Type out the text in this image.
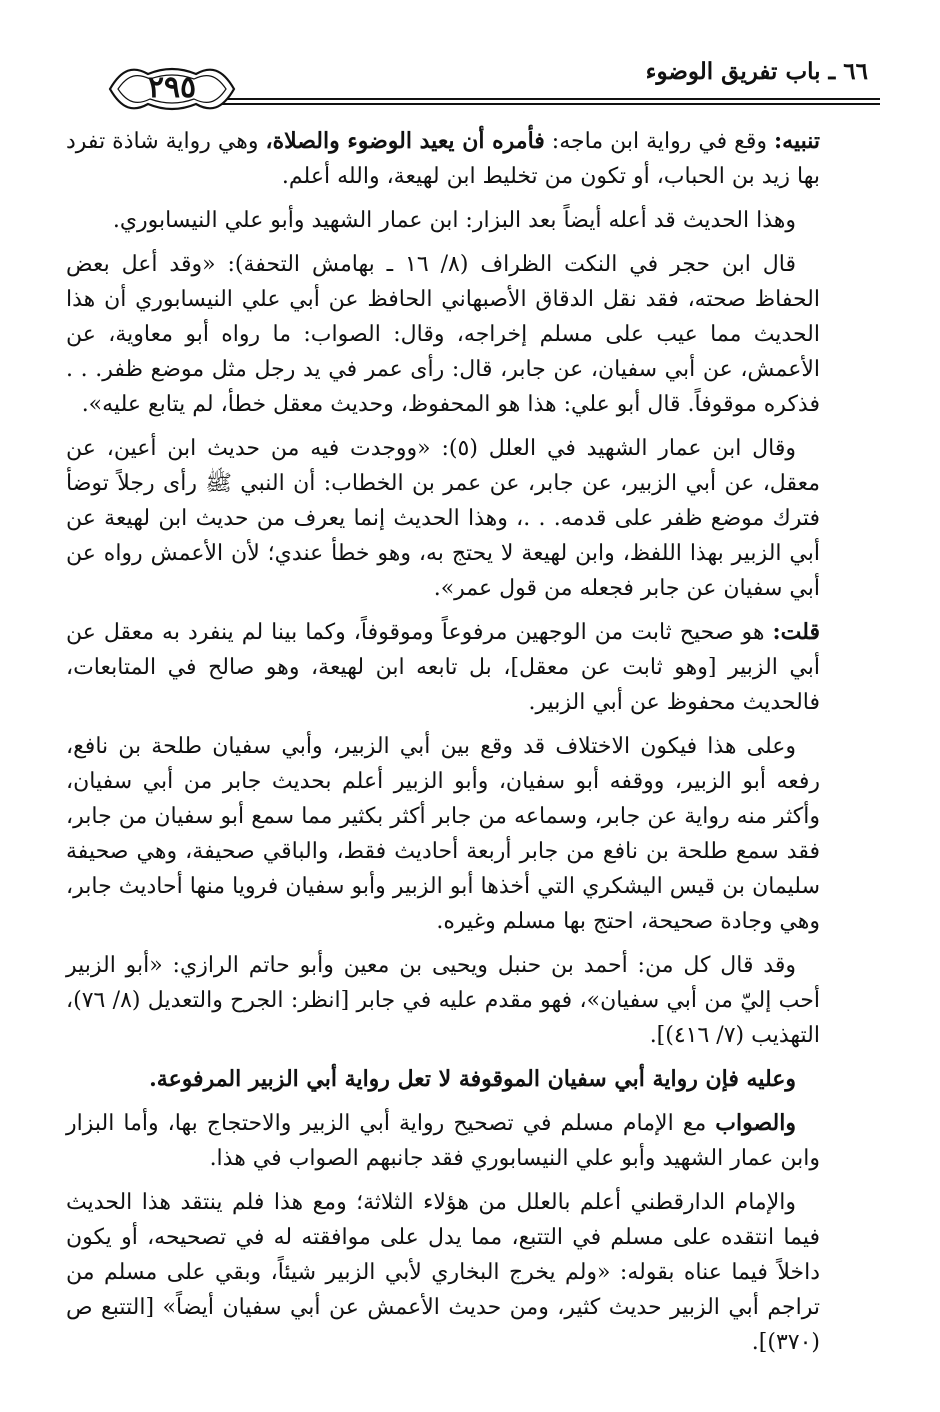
٦٦ ـ باب تفريق الوضوء
٢٩٥

تنبيه: وقع في رواية ابن ماجه: فأمره أن يعيد الوضوء والصلاة، وهي رواية شاذة تفرد بها زيد بن الحباب، أو تكون من تخليط ابن لهيعة، والله أعلم.

وهذا الحديث قد أعله أيضاً بعد البزار: ابن عمار الشهيد وأبو علي النيسابوري.

قال ابن حجر في النكت الظراف (٨/ ١٦ ـ بهامش التحفة): «وقد أعل بعض الحفاظ صحته، فقد نقل الدقاق الأصبهاني الحافظ عن أبي علي النيسابوري أن هذا الحديث مما عيب على مسلم إخراجه، وقال: الصواب: ما رواه أبو معاوية، عن الأعمش، عن أبي سفيان، عن جابر، قال: رأى عمر في يد رجل مثل موضع ظفر. . . فذكره موقوفاً. قال أبو علي: هذا هو المحفوظ، وحديث معقل خطأ، لم يتابع عليه».

وقال ابن عمار الشهيد في العلل (٥): «ووجدت فيه من حديث ابن أعين، عن معقل، عن أبي الزبير، عن جابر، عن عمر بن الخطاب: أن النبي ﷺ رأى رجلاً توضأ فترك موضع ظفر على قدمه. . .، وهذا الحديث إنما يعرف من حديث ابن لهيعة عن أبي الزبير بهذا اللفظ، وابن لهيعة لا يحتج به، وهو خطأ عندي؛ لأن الأعمش رواه عن أبي سفيان عن جابر فجعله من قول عمر».

قلت: هو صحيح ثابت من الوجهين مرفوعاً وموقوفاً، وكما بينا لم ينفرد به معقل عن أبي الزبير [وهو ثابت عن معقل]، بل تابعه ابن لهيعة، وهو صالح في المتابعات، فالحديث محفوظ عن أبي الزبير.

وعلى هذا فيكون الاختلاف قد وقع بين أبي الزبير، وأبي سفيان طلحة بن نافع، رفعه أبو الزبير، ووقفه أبو سفيان، وأبو الزبير أعلم بحديث جابر من أبي سفيان، وأكثر منه رواية عن جابر، وسماعه من جابر أكثر بكثير مما سمع أبو سفيان من جابر، فقد سمع طلحة بن نافع من جابر أربعة أحاديث فقط، والباقي صحيفة، وهي صحيفة سليمان بن قيس اليشكري التي أخذها أبو الزبير وأبو سفيان فرويا منها أحاديث جابر، وهي وجادة صحيحة، احتج بها مسلم وغيره.

وقد قال كل من: أحمد بن حنبل ويحيى بن معين وأبو حاتم الرازي: «أبو الزبير أحب إليّ من أبي سفيان»، فهو مقدم عليه في جابر [انظر: الجرح والتعديل (٨/ ٧٦)، التهذيب (٧/ ٤١٦)].

وعليه فإن رواية أبي سفيان الموقوفة لا تعل رواية أبي الزبير المرفوعة.

والصواب مع الإمام مسلم في تصحيح رواية أبي الزبير والاحتجاج بها، وأما البزار وابن عمار الشهيد وأبو علي النيسابوري فقد جانبهم الصواب في هذا.

والإمام الدارقطني أعلم بالعلل من هؤلاء الثلاثة؛ ومع هذا فلم ينتقد هذا الحديث فيما انتقده على مسلم في التتبع، مما يدل على موافقته له في تصحيحه، أو يكون داخلاً فيما عناه بقوله: «ولم يخرج البخاري لأبي الزبير شيئاً، وبقي على مسلم من تراجم أبي الزبير حديث كثير، ومن حديث الأعمش عن أبي سفيان أيضاً» [التتبع ص (٣٧٠)].
